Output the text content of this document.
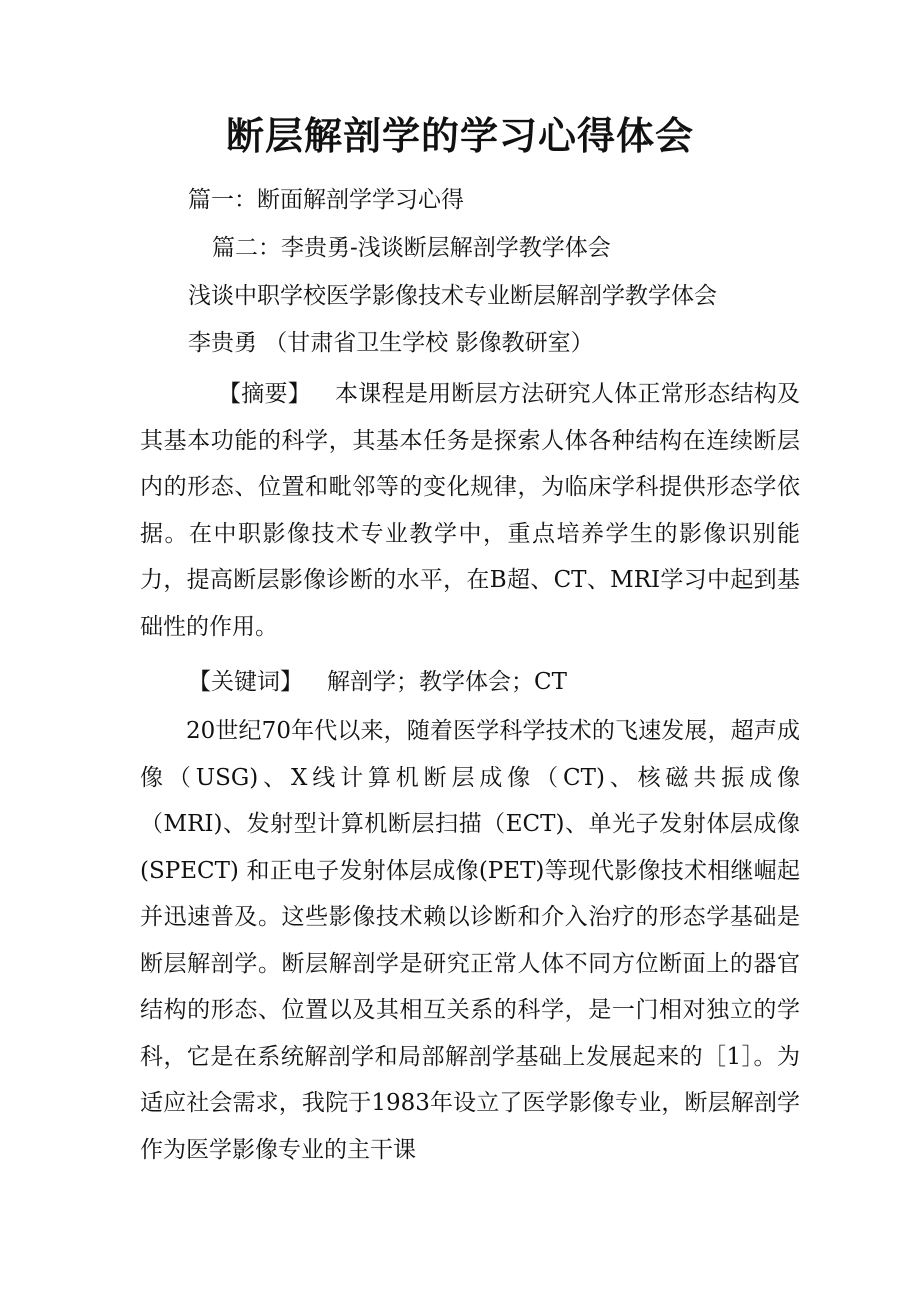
断层解剖学的学习心得体会

篇一：断面解剖学学习心得

篇二：李贵勇-浅谈断层解剖学教学体会

浅谈中职学校医学影像技术专业断层解剖学教学体会

李贵勇 （甘肃省卫生学校 影像教研室）

【摘要】 本课程是用断层方法研究人体正常形态结构及其基本功能的科学，其基本任务是探索人体各种结构在连续断层内的形态、位置和毗邻等的变化规律，为临床学科提供形态学依据。在中职影像技术专业教学中，重点培养学生的影像识别能力，提高断层影像诊断的水平，在B超、CT、MRI学习中起到基础性的作用。

【关键词】 解剖学；教学体会；CT

20世纪70年代以来，随着医学科学技术的飞速发展，超声成像（USG)、X线计算机断层成像（CT)、核磁共振成像（MRI)、发射型计算机断层扫描（ECT)、单光子发射体层成像(SPECT) 和正电子发射体层成像(PET)等现代影像技术相继崛起并迅速普及。这些影像技术赖以诊断和介入治疗的形态学基础是断层解剖学。断层解剖学是研究正常人体不同方位断面上的器官结构的形态、位置以及其相互关系的科学，是一门相对独立的学科，它是在系统解剖学和局部解剖学基础上发展起来的［1］。为适应社会需求，我院于1983年设立了医学影像专业，断层解剖学作为医学影像专业的主干课
